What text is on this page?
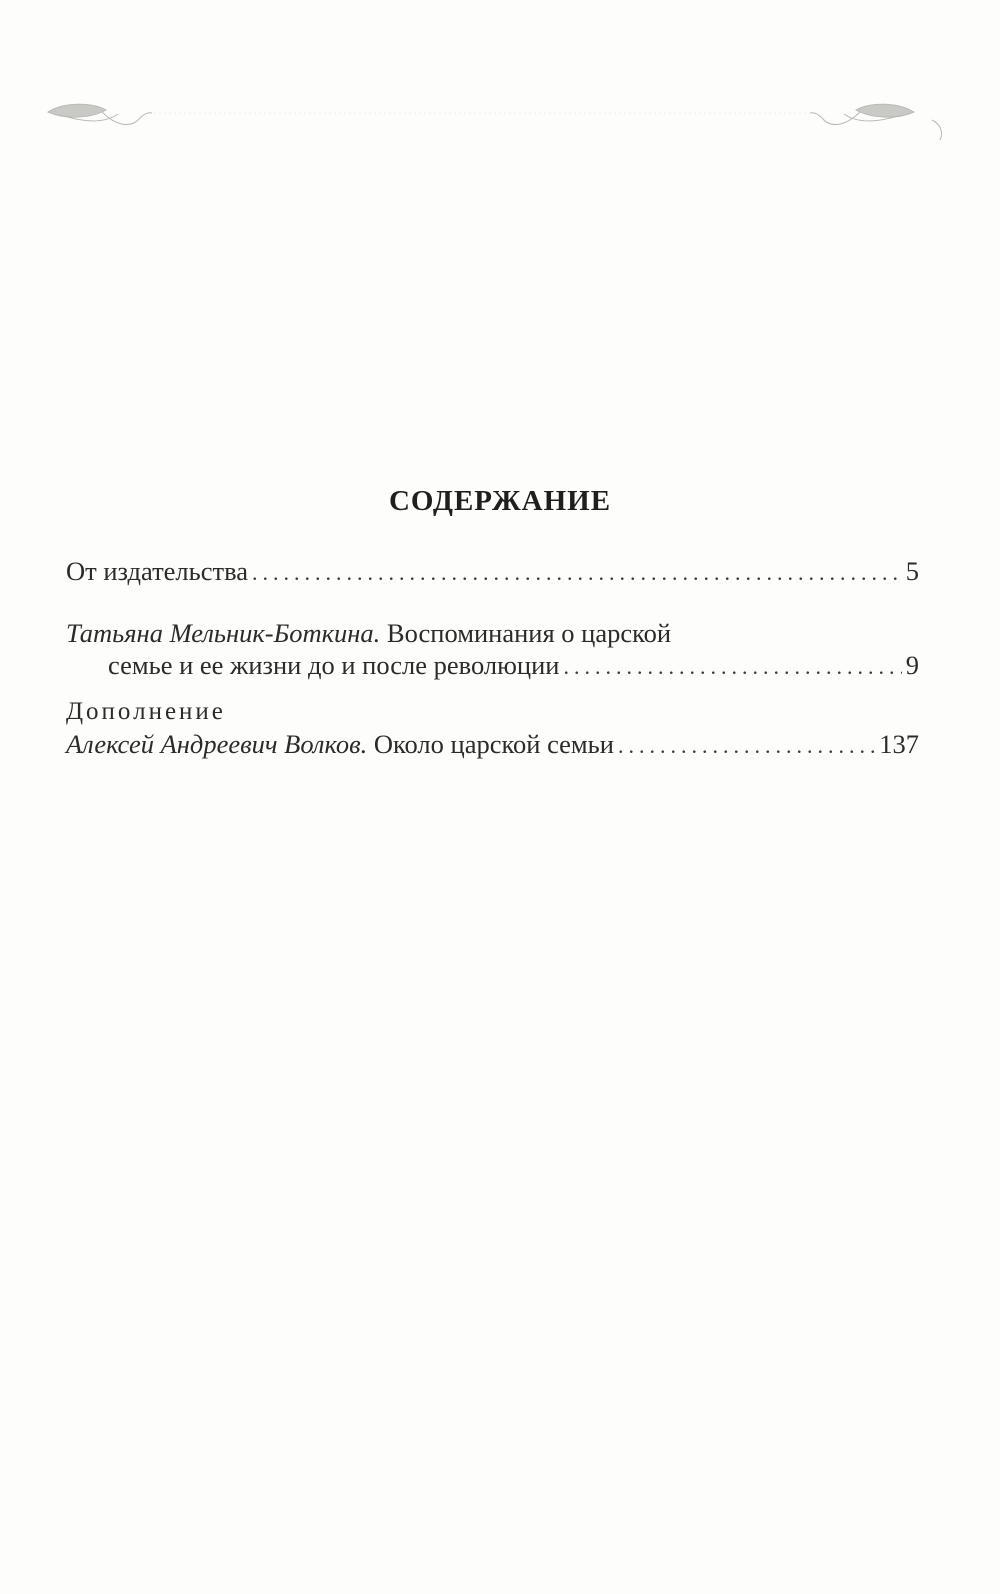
СОДЕРЖАНИЕ
От издательства .....	5
Татьяна Мельник-Боткина. Воспоминания о царской
семье и ее жизни до и после революции .....	9
Дополнение
Алексей Андреевич Волков. Около царской семьи .....	137
